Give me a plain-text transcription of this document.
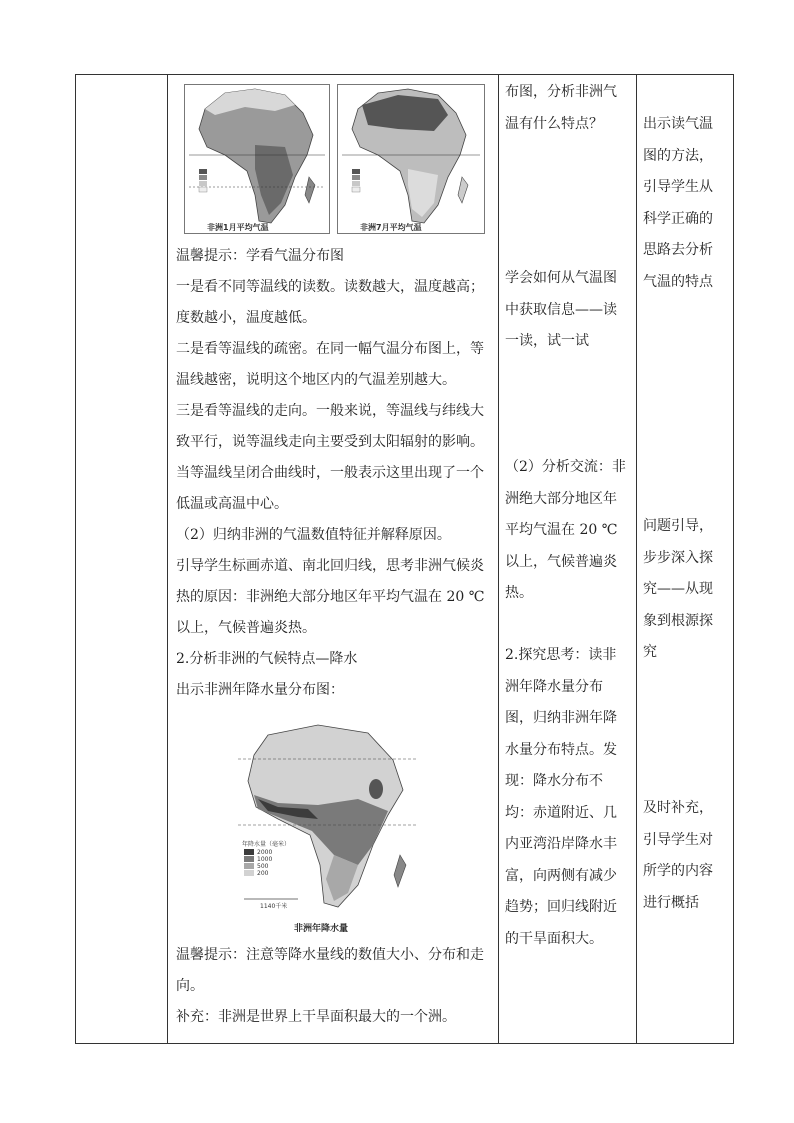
非洲1月平均气温	非洲7月平均气温

温馨提示：学看气温分布图

一是看不同等温线的读数。读数越大，温度越高；度数越小，温度越低。

二是看等温线的疏密。在同一幅气温分布图上，等温线越密，说明这个地区内的气温差别越大。

三是看等温线的走向。一般来说，等温线与纬线大致平行，说等温线走向主要受到太阳辐射的影响。当等温线呈闭合曲线时，一般表示这里出现了一个低温或高温中心。

（2）归纳非洲的气温数值特征并解释原因。

引导学生标画赤道、南北回归线，思考非洲气候炎热的原因：非洲绝大部分地区年平均气温在 20 ℃以上，气候普遍炎热。

2.分析非洲的气候特点—降水

出示非洲年降水量分布图：

年降水量（毫米）
2000
1000
500
200
1140千米
非洲年降水量

温馨提示：注意等降水量线的数值大小、分布和走向。

补充：非洲是世界上干旱面积最大的一个洲。

布图，分析非洲气温有什么特点？

学会如何从气温图中获取信息——读一读，试一试

（2）分析交流：非洲绝大部分地区年平均气温在 20 ℃以上，气候普遍炎热。

2.探究思考：读非洲年降水量分布图，归纳非洲年降水量分布特点。发现：降水分布不均：赤道附近、几内亚湾沿岸降水丰富，向两侧有减少趋势；回归线附近的干旱面积大。

出示读气温图的方法，引导学生从科学正确的思路去分析气温的特点

问题引导，步步深入探究——从现象到根源探究

及时补充，引导学生对所学的内容进行概括
